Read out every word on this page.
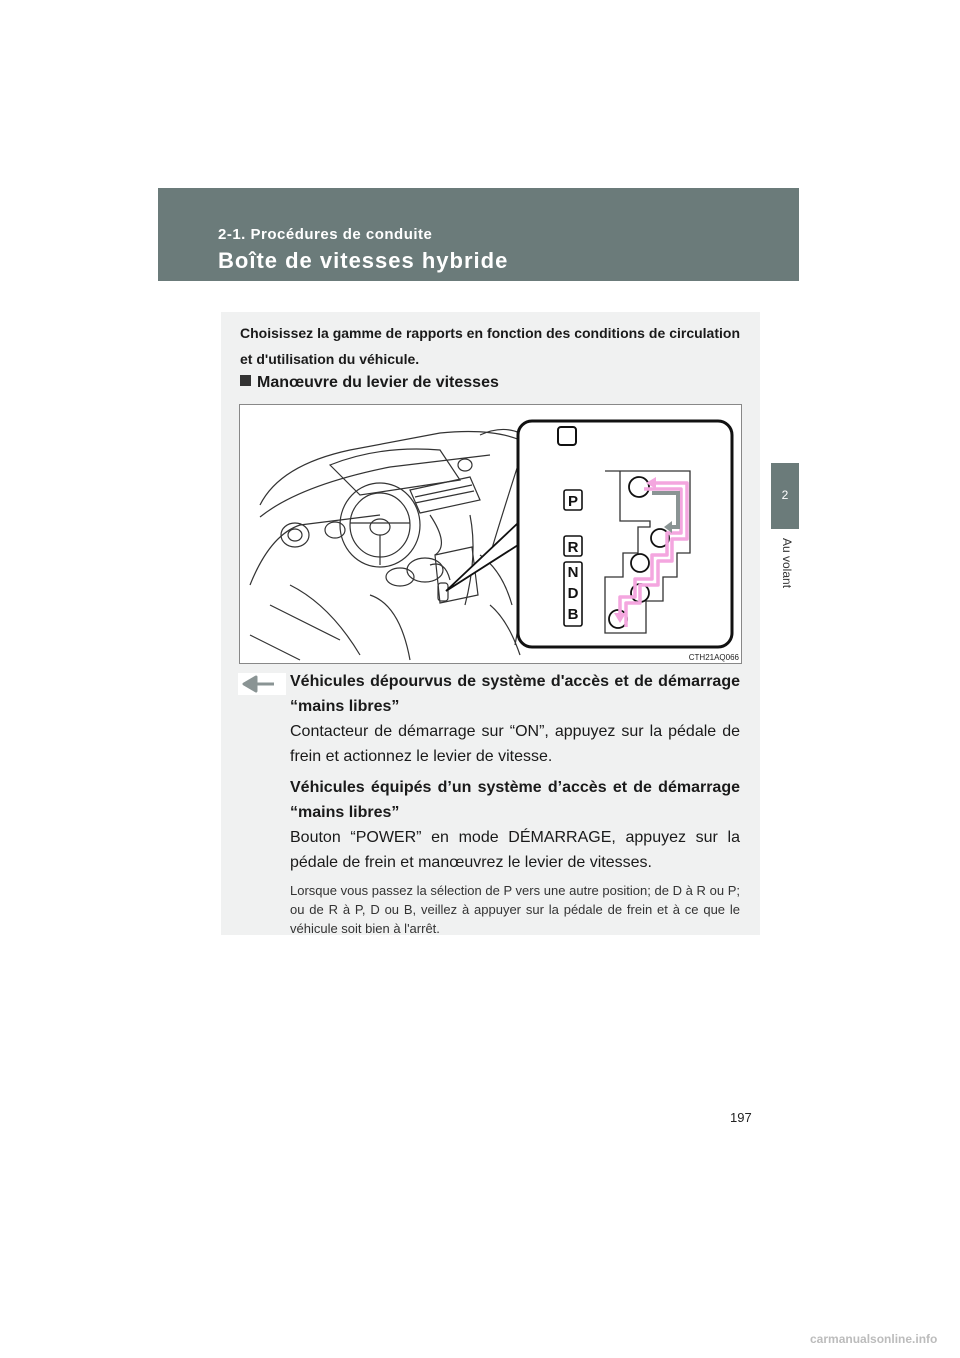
2-1. Procédures de conduite
Boîte de vitesses hybride
2
Au volant
Choisissez la gamme de rapports en fonction des conditions de circulation et d'utilisation du véhicule.
Manœuvre du levier de vitesses
P
R
N
D
B
CTH21AQ066
Véhicules dépourvus de système d'accès et de démarrage “mains libres”
Contacteur de démarrage sur “ON”, appuyez sur la pédale de frein et actionnez le levier de vitesse.
Véhicules équipés d’un système d’accès et de démarrage “mains libres”
Bouton “POWER” en mode DÉMARRAGE, appuyez sur la pédale de frein et manœuvrez le levier de vitesses.
Lorsque vous passez la sélection de P vers une autre position; de D à R ou P; ou de R à P, D ou B, veillez à appuyer sur la pédale de frein et à ce que le véhicule soit bien à l'arrêt.
197
carmanualsonline.info
